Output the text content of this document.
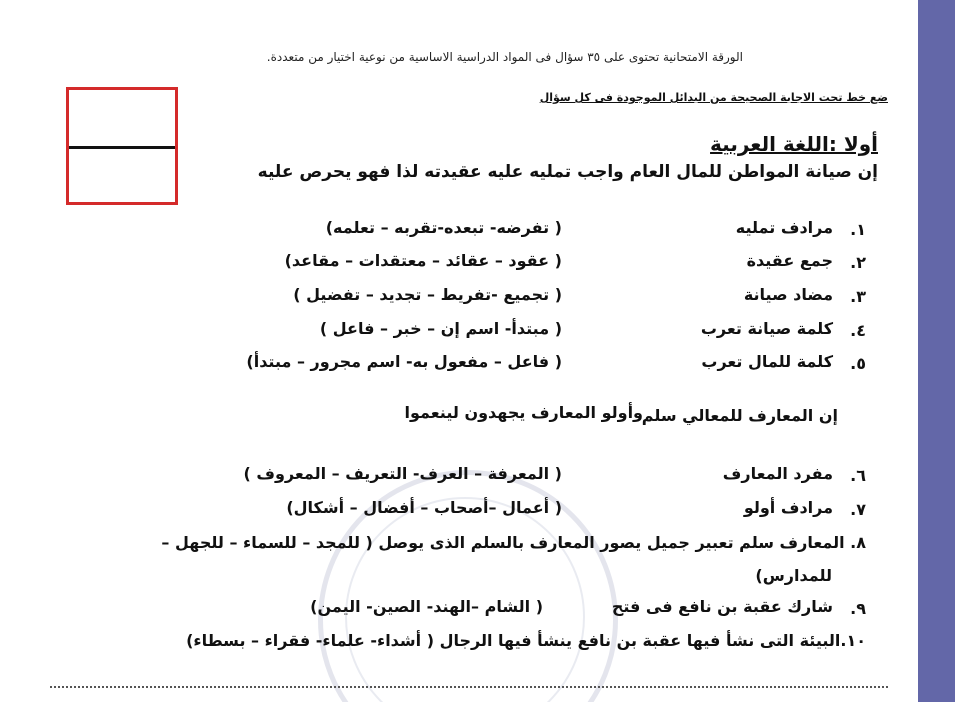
الورقة الامتحانية تحتوى على ٣٥ سؤال فى المواد الدراسية الاساسية من نوعية اختيار من متعددة.
ضع خط تحت الاجابة الصحيحة من البدائل الموجودة فى كل سؤال
أولا :اللغة العربية
إن صيانة المواطن للمال العام واجب تمليه عليه عقيدته لذا فهو يحرص عليه
١.
مرادف تمليه
( تفرضه- تبعده-تقربه – تعلمه)
٢.
جمع عقيدة
( عقود – عقائد – معتقدات – مقاعد)
٣.
مضاد صيانة
( تجميع -تفريط – تجديد – تفضيل )
٤.
كلمة صيانة تعرب
( مبتدأ- اسم إن – خبر – فاعل )
٥.
كلمة للمال تعرب
( فاعل – مفعول به- اسم مجرور – مبتدأ)
إن المعارف للمعالي سلم
وأولو المعارف يجهدون لينعموا
٦.
مفرد المعارف
( المعرفة – العرف- التعريف – المعروف )
٧.
مرادف أولو
( أعمال –أصحاب – أفضال – أشكال)
٨. المعارف سلم تعبير جميل يصور المعارف بالسلم الذى يوصل ( للمجد – للسماء – للجهل –
للمدارس)
٩.
شارك عقبة بن نافع فى فتح
( الشام –الهند- الصين- اليمن)
١٠.البيئة التى نشأ فيها عقبة بن نافع ينشأ فيها الرجال ( أشداء- علماء- فقراء – بسطاء)
